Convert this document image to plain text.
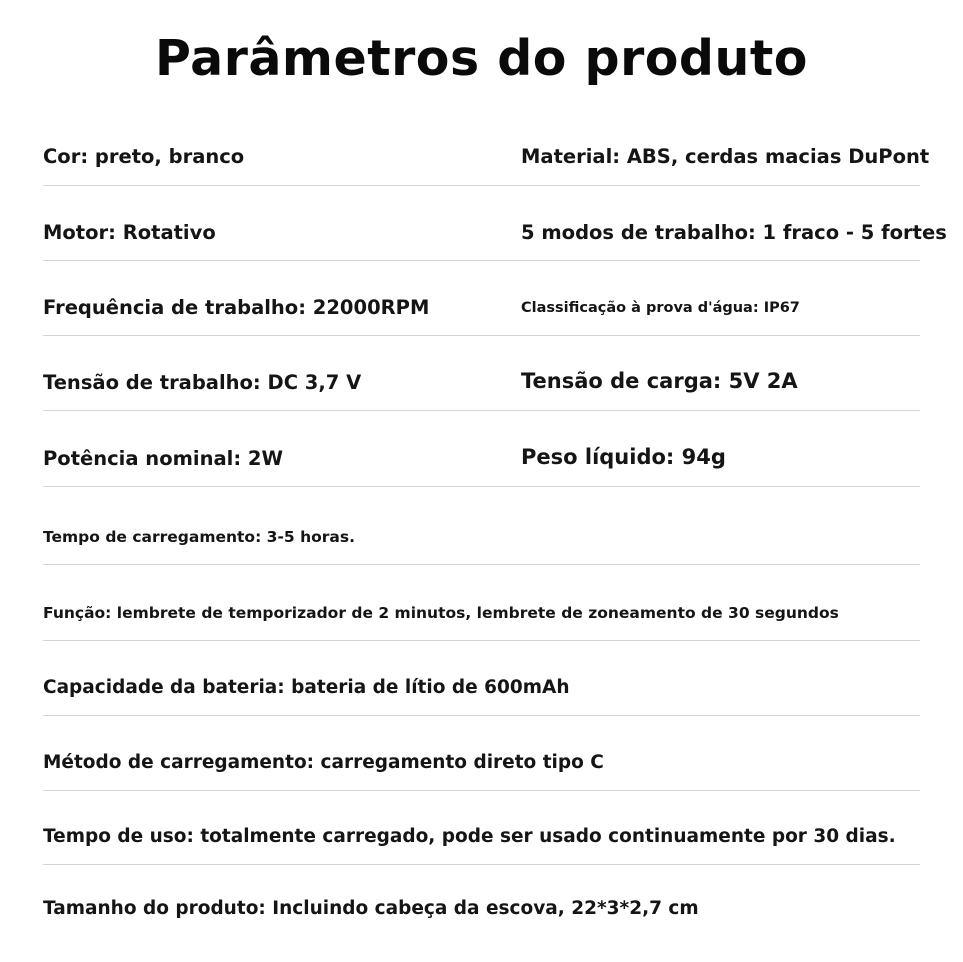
Parâmetros do produto
Cor: preto, branco	Material: ABS, cerdas macias DuPont
Motor: Rotativo	5 modos de trabalho: 1 fraco - 5 fortes
Frequência de trabalho: 22000RPM	Classificação à prova d'água: IP67
Tensão de trabalho: DC 3,7 V	Tensão de carga: 5V 2A
Potência nominal: 2W	Peso líquido: 94g
Tempo de carregamento: 3-5 horas.
Função: lembrete de temporizador de 2 minutos, lembrete de zoneamento de 30 segundos
Capacidade da bateria: bateria de lítio de 600mAh
Método de carregamento: carregamento direto tipo C
Tempo de uso: totalmente carregado, pode ser usado continuamente por 30 dias.
Tamanho do produto: Incluindo cabeça da escova, 22*3*2,7 cm
